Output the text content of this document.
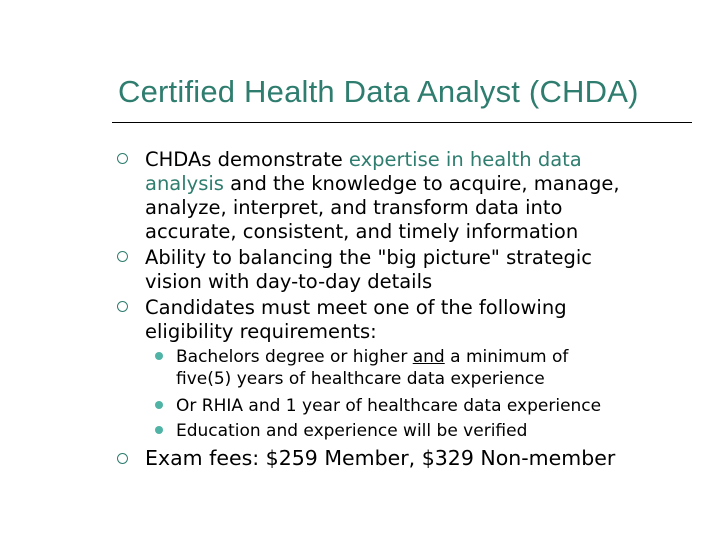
Certified Health Data Analyst (CHDA)
CHDAs demonstrate expertise in health data
analysis and the knowledge to acquire, manage,
analyze, interpret, and transform data into
accurate, consistent, and timely information
Ability to balancing the "big picture" strategic
vision with day-to-day details
Candidates must meet one of the following
eligibility requirements:
Bachelors degree or higher and a minimum of
five(5) years of healthcare data experience
Or RHIA and 1 year of healthcare data experience
Education and experience will be verified
Exam fees: $259 Member, $329 Non-member
